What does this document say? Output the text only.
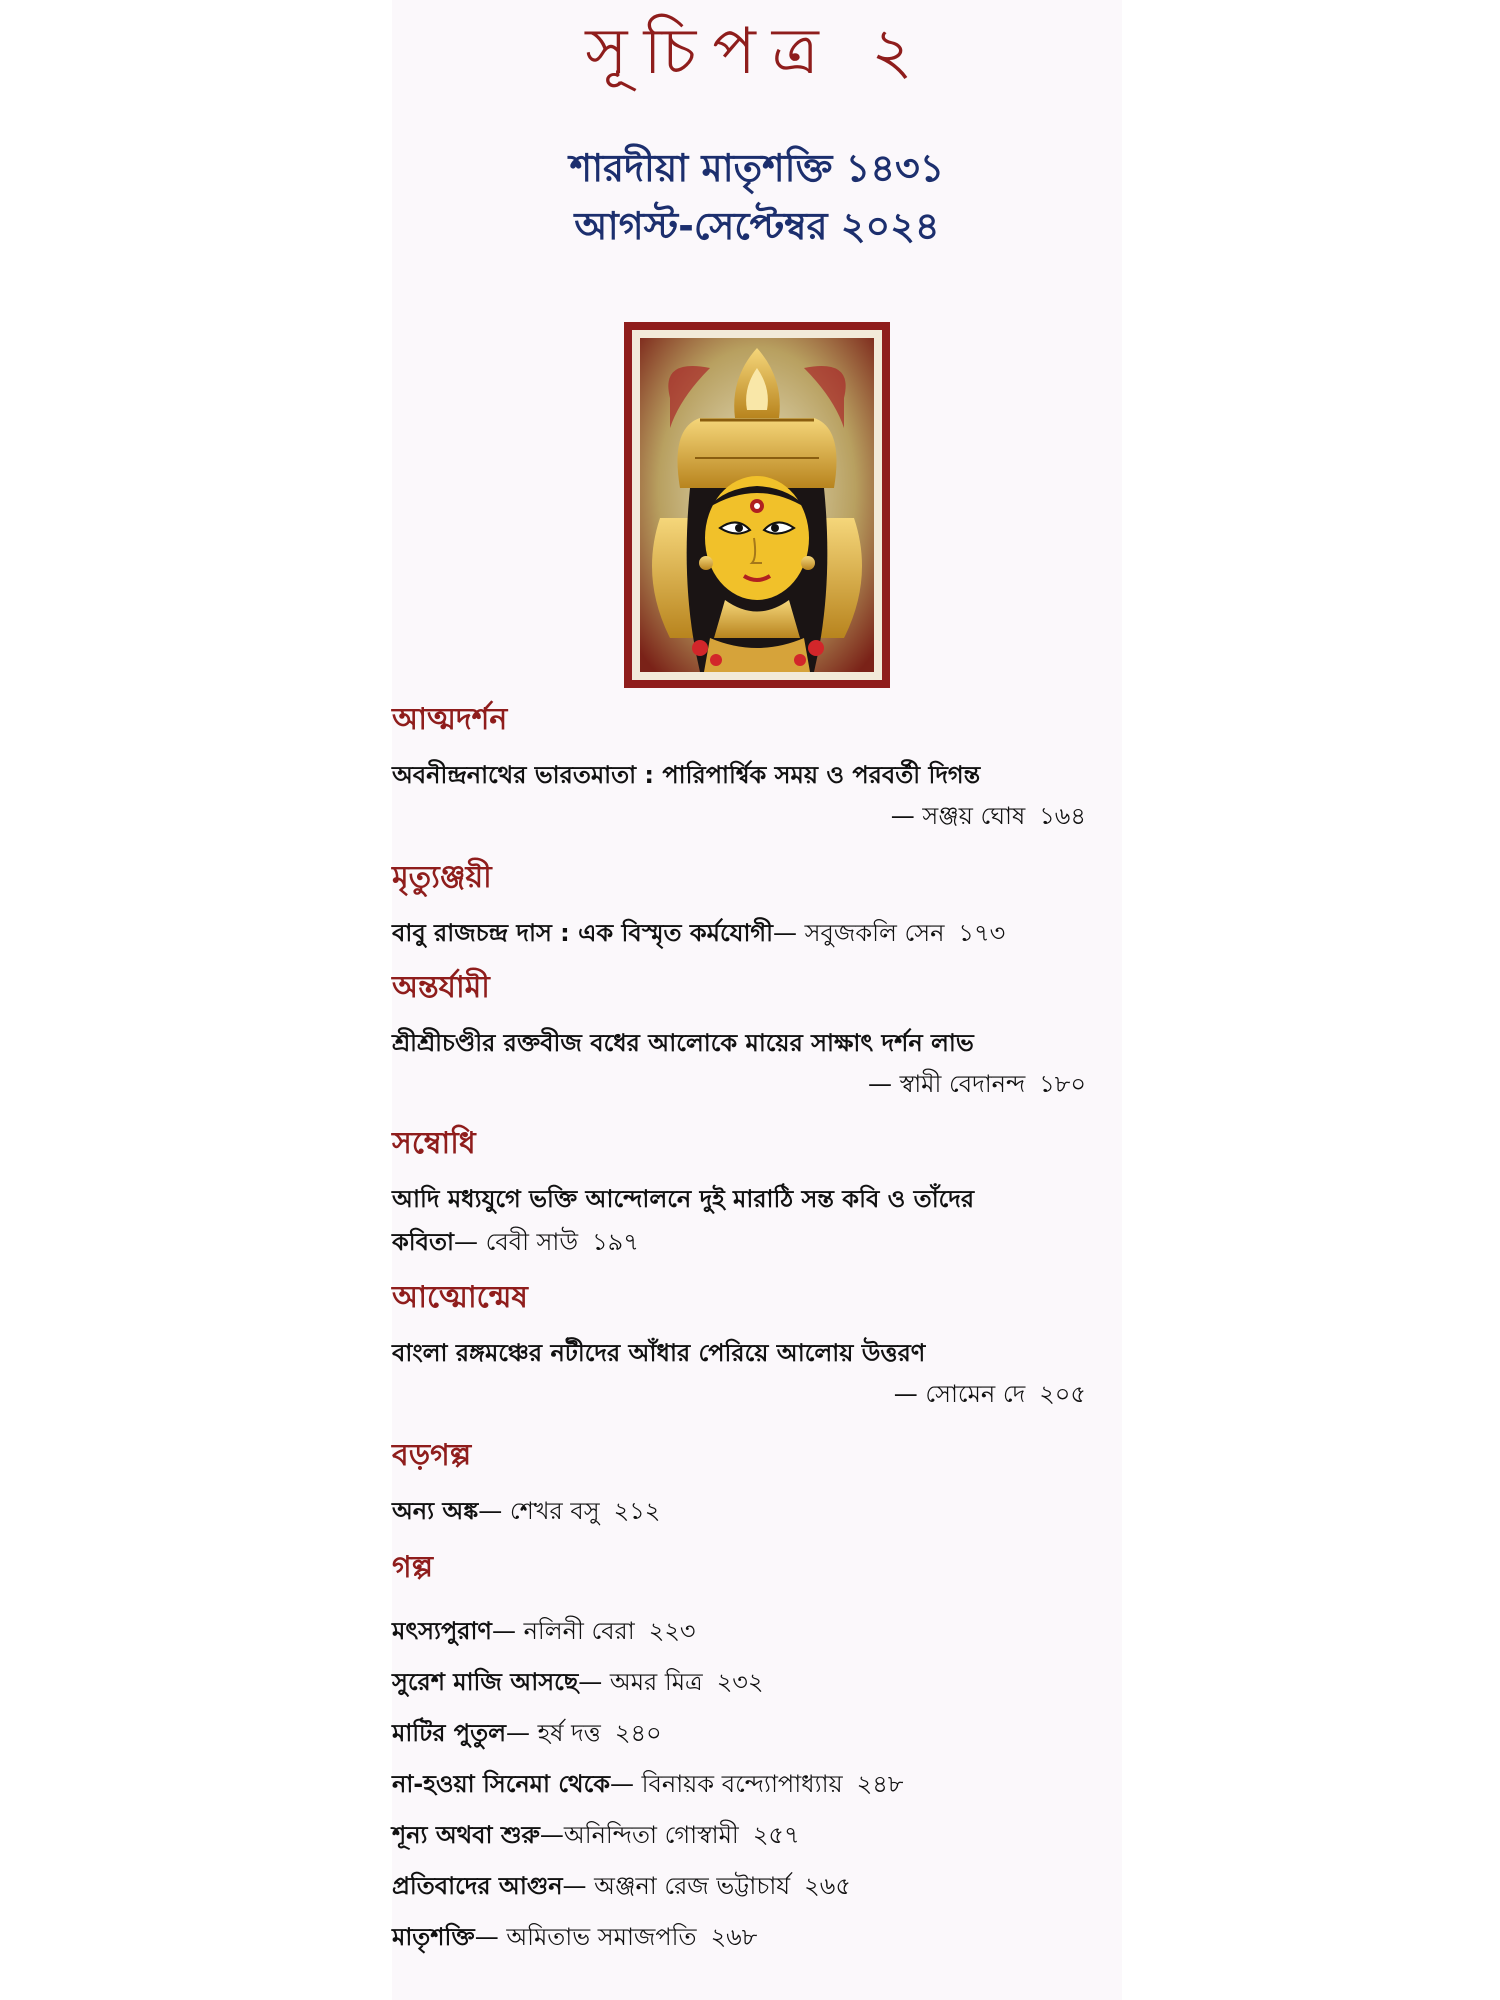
সূচিপত্র ২
শারদীয়া মাতৃশক্তি ১৪৩১
আগস্ট-সেপ্টেম্বর ২০২৪
আত্মদর্শন
অবনীন্দ্রনাথের ভারতমাতা : পারিপার্শ্বিক সময় ও পরবর্তী দিগন্ত
— সঞ্জয় ঘোষ ১৬৪
মৃত্যুঞ্জয়ী
বাবু রাজচন্দ্র দাস : এক বিস্মৃত কর্মযোগী— সবুজকলি সেন ১৭৩
অন্তর্যামী
শ্রীশ্রীচণ্ডীর রক্তবীজ বধের আলোকে মায়ের সাক্ষাৎ দর্শন লাভ
— স্বামী বেদানন্দ ১৮০
সম্বোধি
আদি মধ্যযুগে ভক্তি আন্দোলনে দুই মারাঠি সন্ত কবি ও তাঁদের
কবিতা— বেবী সাউ ১৯৭
আত্মোন্মেষ
বাংলা রঙ্গমঞ্চের নটীদের আঁধার পেরিয়ে আলোয় উত্তরণ
— সোমেন দে ২০৫
বড়গল্প
অন্য অঙ্ক— শেখর বসু ২১২
গল্প
মৎস্যপুরাণ— নলিনী বেরা ২২৩
সুরেশ মাজি আসছে— অমর মিত্র ২৩২
মাটির পুতুল— হর্ষ দত্ত ২৪০
না-হওয়া সিনেমা থেকে— বিনায়ক বন্দ্যোপাধ্যায় ২৪৮
শূন্য অথবা শুরু—অনিন্দিতা গোস্বামী ২৫৭
প্রতিবাদের আগুন— অঞ্জনা রেজ ভট্টাচার্য ২৬৫
মাতৃশক্তি— অমিতাভ সমাজপতি ২৬৮
